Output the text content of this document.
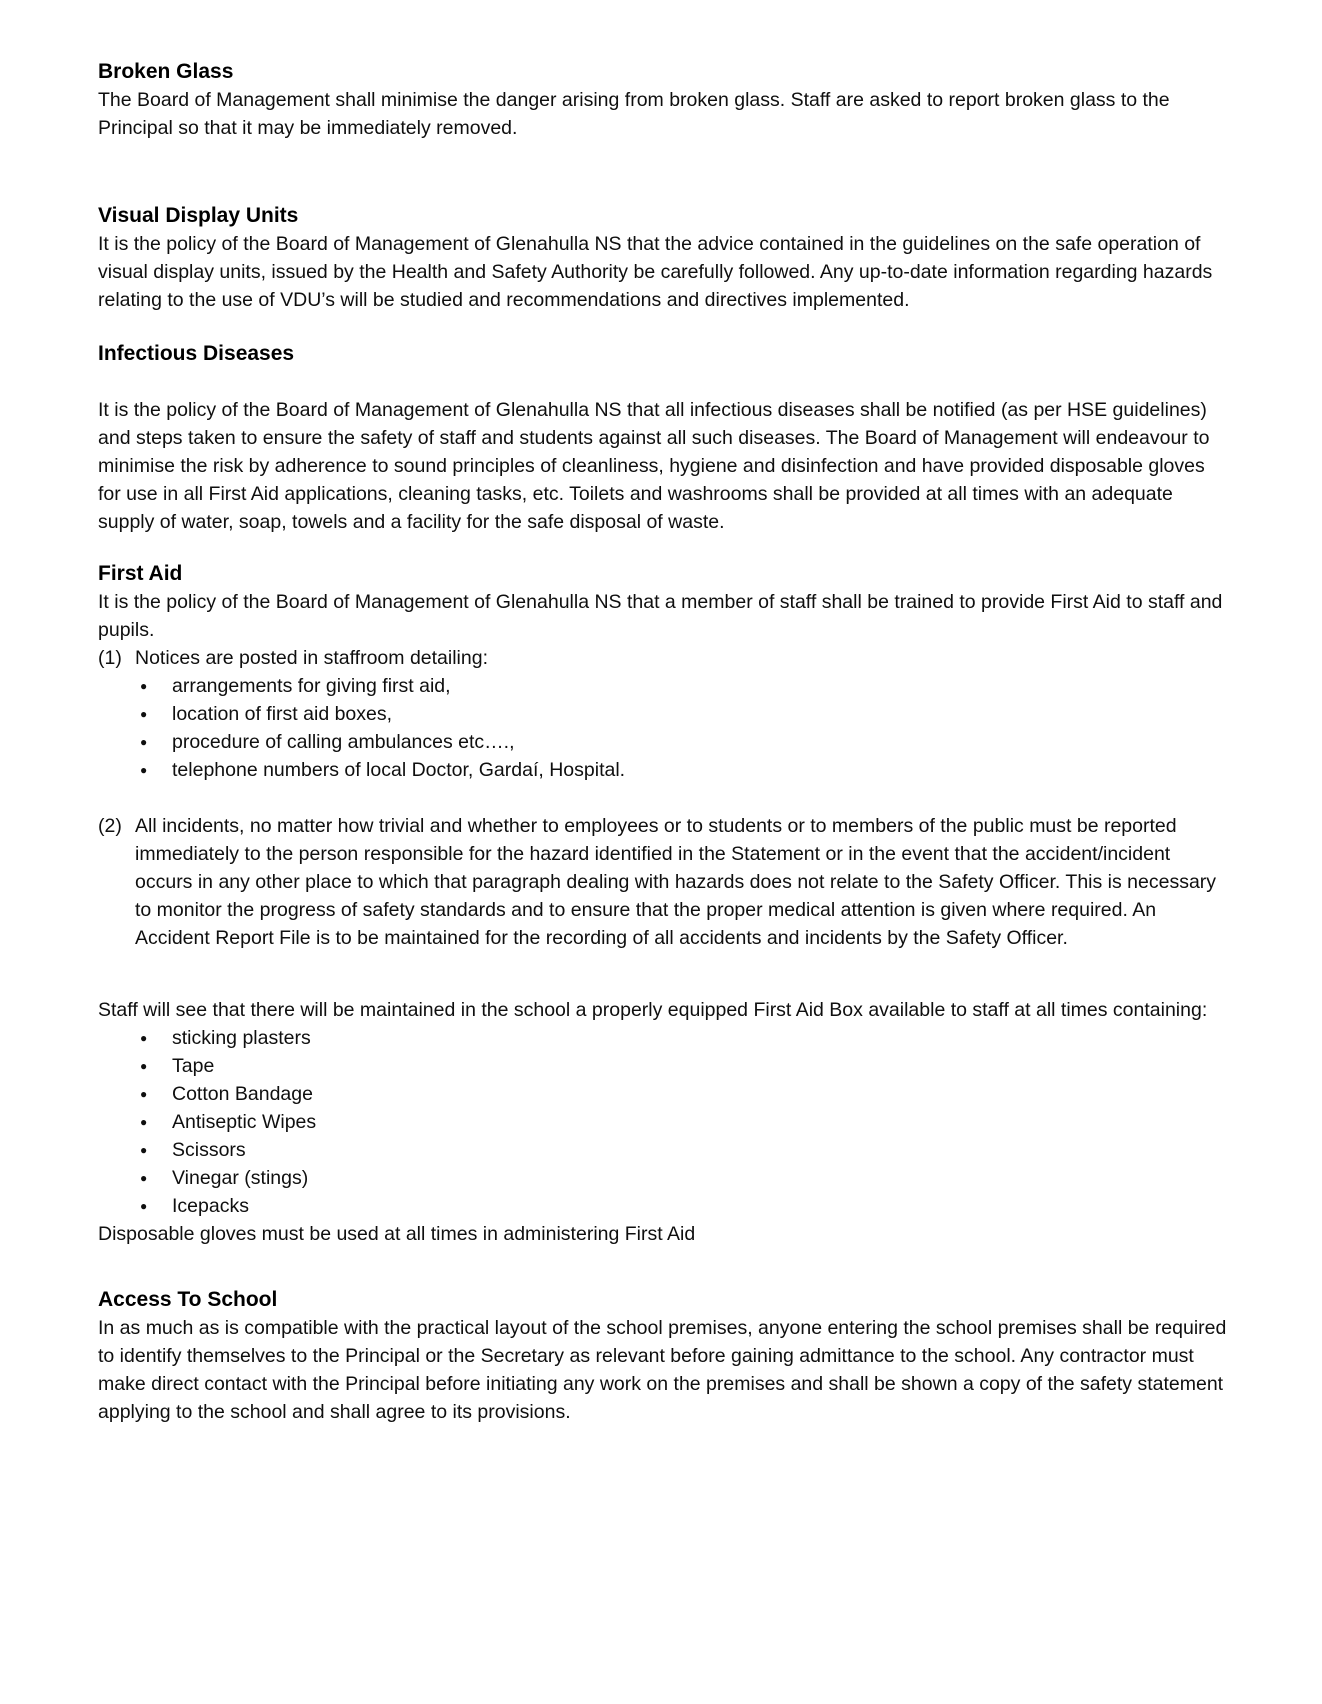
Broken Glass

The Board of Management shall minimise the danger arising from broken glass. Staff are asked to report broken glass to the Principal so that it may be immediately removed.

Visual Display Units

It is the policy of the Board of Management of Glenahulla NS that the advice contained in the guidelines on the safe operation of visual display units, issued by the Health and Safety Authority be carefully followed. Any up-to-date information regarding hazards relating to the use of VDU’s will be studied and recommendations and directives implemented.

Infectious Diseases

It is the policy of the Board of Management of Glenahulla NS that all infectious diseases shall be notified (as per HSE guidelines) and steps taken to ensure the safety of staff and students against all such diseases. The Board of Management will endeavour to minimise the risk by adherence to sound principles of cleanliness, hygiene and disinfection and have provided disposable gloves for use in all First Aid applications, cleaning tasks, etc. Toilets and washrooms shall be provided at all times with an adequate supply of water, soap, towels and a facility for the safe disposal of waste.

First Aid

It is the policy of the Board of Management of Glenahulla NS that a member of staff shall be trained to provide First Aid to staff and pupils.

(1) Notices are posted in staffroom detailing:
●	arrangements for giving first aid,
●	location of first aid boxes,
●	procedure of calling ambulances etc….,
●	telephone numbers of local Doctor, Gardaí, Hospital.
(2) All incidents, no matter how trivial and whether to employees or to students or to members of the public must be reported immediately to the person responsible for the hazard identified in the Statement or in the event that the accident/incident occurs in any other place to which that paragraph dealing with hazards does not relate to the Safety Officer. This is necessary to monitor the progress of safety standards and to ensure that the proper medical attention is given where required. An Accident Report File is to be maintained for the recording of all accidents and incidents by the Safety Officer.

Staff will see that there will be maintained in the school a properly equipped First Aid Box available to staff at all times containing:

●	sticking plasters
●	Tape
●	Cotton Bandage
●	Antiseptic Wipes
●	Scissors
●	Vinegar (stings)
●	Icepacks

Disposable gloves must be used at all times in administering First Aid

Access To School

In as much as is compatible with the practical layout of the school premises, anyone entering the school premises shall be required to identify themselves to the Principal or the Secretary as relevant before gaining admittance to the school. Any contractor must make direct contact with the Principal before initiating any work on the premises and shall be shown a copy of the safety statement applying to the school and shall agree to its provisions.
